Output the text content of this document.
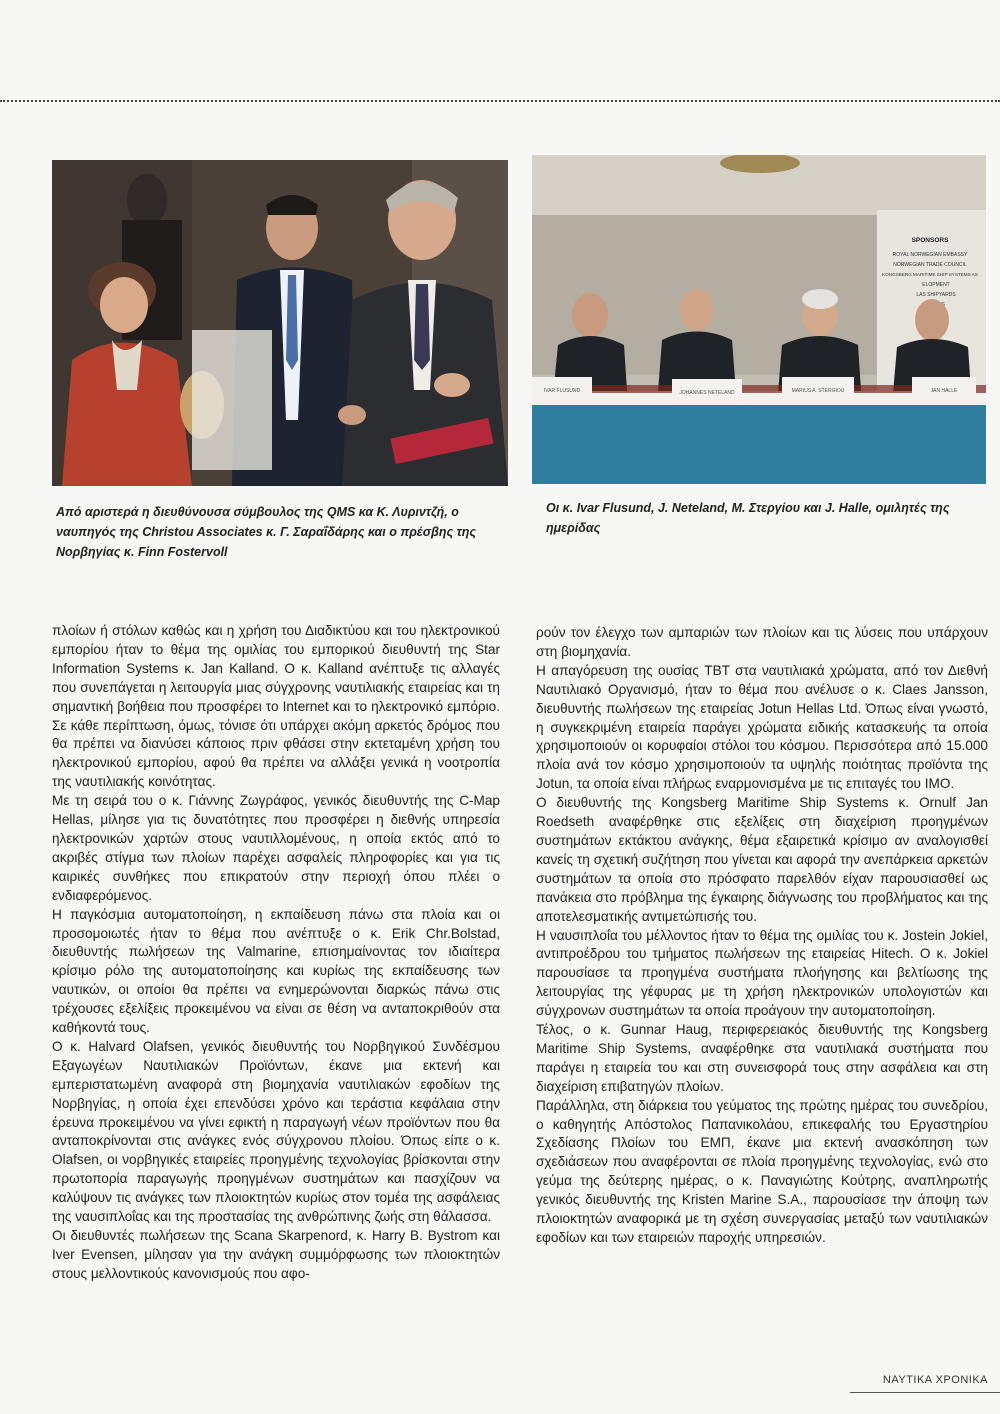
SPONSORS
ROYAL NORWEGIAN EMBASSY
NORWEGIAN TRADE COUNCIL
KONGSBERG MARITIME SHIP SYSTEMS AS
ELOPMENT
LAS SHIPYARDS
IVAR FLUSUND	JOHANNES NETELAND	MARIUS A. STERGIOU	JAN HALLE
Από αριστερά η διευθύνουσα σύμβουλος της QMS κα Κ. Λυριντζή, ο ναυπηγός της Christou Associates κ. Γ. Σαραΐδάρης και ο πρέσβης της Νορβηγίας κ. Finn Fostervoll
Οι κ. Ivar Flusund, J. Neteland, M. Στεργίου και J. Halle, ομιλητές της ημερίδας

πλοίων ή στόλων καθώς και η χρήση του Διαδικτύου και του ηλεκτρονικού εμπορίου ήταν το θέμα της ομιλίας του εμπορικού διευθυντή της Star Information Systems κ. Jan Kalland. Ο κ. Kalland ανέπτυξε τις αλλαγές που συνεπάγεται η λειτουργία μιας σύγχρονης ναυτιλιακής εταιρείας και τη σημαντική βοήθεια που προσφέρει το Internet και το ηλεκτρονικό εμπόριο. Σε κάθε περίπτωση, όμως, τόνισε ότι υπάρχει ακόμη αρκετός δρόμος που θα πρέπει να διανύσει κάποιος πριν φθάσει στην εκτεταμένη χρήση του ηλεκτρονικού εμπορίου, αφού θα πρέπει να αλλάξει γενικά η νοοτροπία της ναυτιλιακής κοινότητας.

Με τη σειρά του ο κ. Γιάννης Ζωγράφος, γενικός διευθυντής της C-Map Hellas, μίλησε για τις δυνατότητες που προσφέρει η διεθνής υπηρεσία ηλεκτρονικών χαρτών στους ναυτιλλομένους, η οποία εκτός από το ακριβές στίγμα των πλοίων παρέχει ασφαλείς πληροφορίες και για τις καιρικές συνθήκες που επικρατούν στην περιοχή όπου πλέει ο ενδιαφερόμενος.

Η παγκόσμια αυτοματοποίηση, η εκπαίδευση πάνω στα πλοία και οι προσομοιωτές ήταν το θέμα που ανέπτυξε ο κ. Erik Chr.Bolstad, διευθυντής πωλήσεων της Valmarine, επισημαίνοντας τον ιδιαίτερα κρίσιμο ρόλο της αυτοματοποίησης και κυρίως της εκπαίδευσης των ναυτικών, οι οποίοι θα πρέπει να ενημερώνονται διαρκώς πάνω στις τρέχουσες εξελίξεις προκειμένου να είναι σε θέση να ανταποκριθούν στα καθήκοντά τους.

Ο κ. Halvard Olafsen, γενικός διευθυντής του Νορβηγικού Συνδέσμου Εξαγωγέων Ναυτιλιακών Προϊόντων, έκανε μια εκτενή και εμπεριστατωμένη αναφορά στη βιομηχανία ναυτιλιακών εφοδίων της Νορβηγίας, η οποία έχει επενδύσει χρόνο και τεράστια κεφάλαια στην έρευνα προκειμένου να γίνει εφικτή η παραγωγή νέων προϊόντων που θα ανταποκρίνονται στις ανάγκες ενός σύγχρονου πλοίου. Όπως είπε ο κ. Olafsen, οι νορβηγικές εταιρείες προηγμένης τεχνολογίας βρίσκονται στην πρωτοπορία παραγωγής προηγμένων συστημάτων και πασχίζουν να καλύψουν τις ανάγκες των πλοιοκτητών κυρίως στον τομέα της ασφάλειας της ναυσιπλοΐας και της προστασίας της ανθρώπινης ζωής στη θάλασσα.

Οι διευθυντές πωλήσεων της Scana Skarpenord, κ. Harry B. Bystrom και Iver Evensen, μίλησαν για την ανάγκη συμμόρφωσης των πλοιοκτητών στους μελλοντικούς κανονισμούς που αφο-

ρούν τον έλεγχο των αμπαριών των πλοίων και τις λύσεις που υπάρχουν στη βιομηχανία.

Η απαγόρευση της ουσίας TBT στα ναυτιλιακά χρώματα, από τον Διεθνή Ναυτιλιακό Οργανισμό, ήταν το θέμα που ανέλυσε ο κ. Claes Jansson, διευθυντής πωλήσεων της εταιρείας Jotun Hellas Ltd. Όπως είναι γνωστό, η συγκεκριμένη εταιρεία παράγει χρώματα ειδικής κατασκευής τα οποία χρησιμοποιούν οι κορυφαίοι στόλοι του κόσμου. Περισσότερα από 15.000 πλοία ανά τον κόσμο χρησιμοποιούν τα υψηλής ποιότητας προϊόντα της Jotun, τα οποία είναι πλήρως εναρμονισμένα με τις επιταγές του IMO.

Ο διευθυντής της Kongsberg Maritime Ship Systems κ. Ornulf Jan Roedseth αναφέρθηκε στις εξελίξεις στη διαχείριση προηγμένων συστημάτων εκτάκτου ανάγκης, θέμα εξαιρετικά κρίσιμο αν αναλογισθεί κανείς τη σχετική συζήτηση που γίνεται και αφορά την ανεπάρκεια αρκετών συστημάτων τα οποία στο πρόσφατο παρελθόν είχαν παρουσιασθεί ως πανάκεια στο πρόβλημα της έγκαιρης διάγνωσης του προβλήματος και της αποτελεσματικής αντιμετώπισής του.

Η ναυσιπλοΐα του μέλλοντος ήταν το θέμα της ομιλίας του κ. Jostein Jokiel, αντιπροέδρου του τμήματος πωλήσεων της εταιρείας Hitech. Ο κ. Jokiel παρουσίασε τα προηγμένα συστήματα πλοήγησης και βελτίωσης της λειτουργίας της γέφυρας με τη χρήση ηλεκτρονικών υπολογιστών και σύγχρονων συστημάτων τα οποία προάγουν την αυτοματοποίηση.

Τέλος, ο κ. Gunnar Haug, περιφερειακός διευθυντής της Kongsberg Maritime Ship Systems, αναφέρθηκε στα ναυτιλιακά συστήματα που παράγει η εταιρεία του και στη συνεισφορά τους στην ασφάλεια και στη διαχείριση επιβατηγών πλοίων.

Παράλληλα, στη διάρκεια του γεύματος της πρώτης ημέρας του συνεδρίου, ο καθηγητής Απόστολος Παπανικολάου, επικεφαλής του Εργαστηρίου Σχεδίασης Πλοίων του ΕΜΠ, έκανε μια εκτενή ανασκόπηση των σχεδιάσεων που αναφέρονται σε πλοία προηγμένης τεχνολογίας, ενώ στο γεύμα της δεύτερης ημέρας, ο κ. Παναγιώτης Κούτρης, αναπληρωτής γενικός διευθυντής της Kristen Marine S.A., παρουσίασε την άποψη των πλοιοκτητών αναφορικά με τη σχέση συνεργασίας μεταξύ των ναυτιλιακών εφοδίων και των εταιρειών παροχής υπηρεσιών.

ΝΑΥΤΙΚΑ ΧΡΟΝΙΚΑ
